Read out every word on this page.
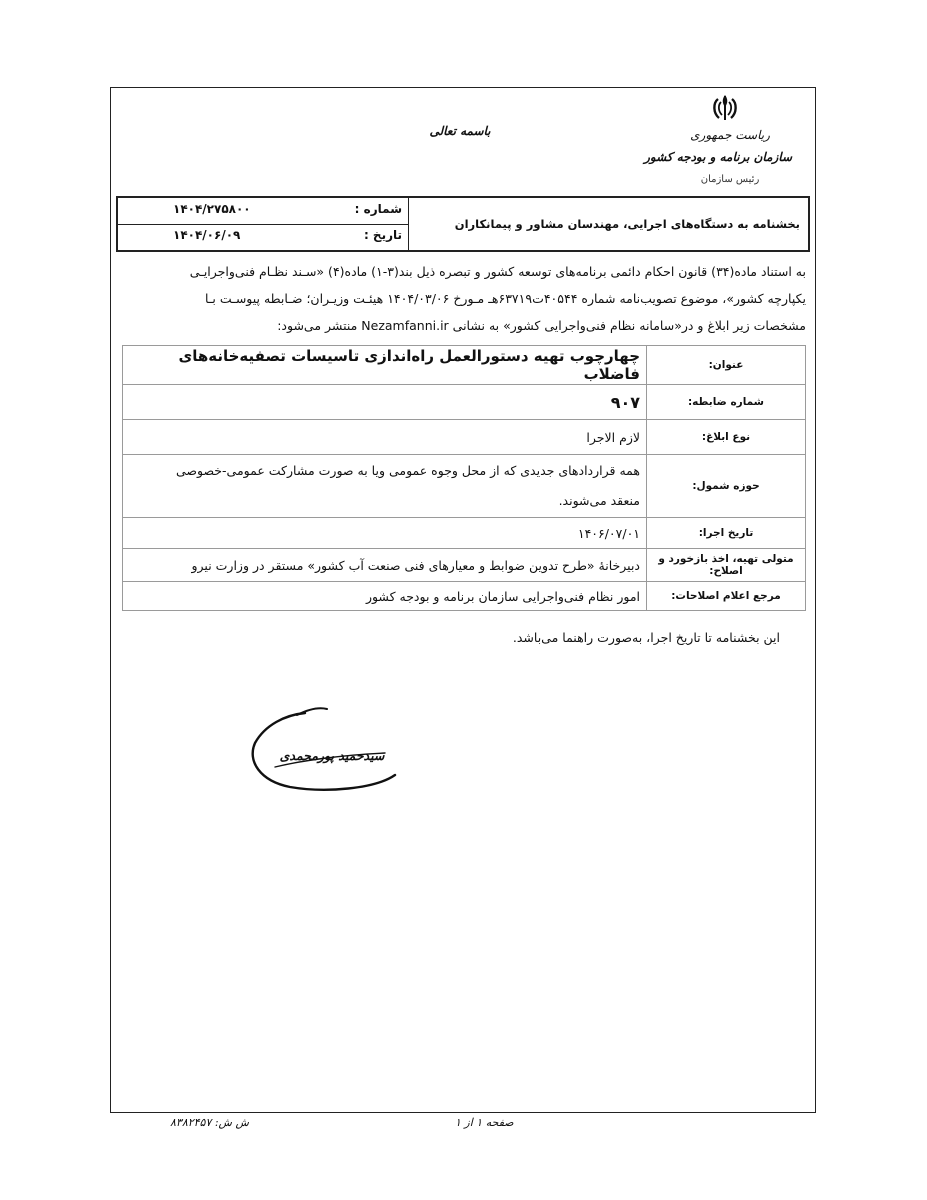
ریاست جمهوری
سازمان برنامه و بودجه کشور
رئیس سازمان
باسمه تعالی
۱۴۰۴/۲۷۵۸۰۰	شماره :
۱۴۰۴/۰۶/۰۹	تاریخ :
بخشنامه به دستگاه‌های اجرایی، مهندسان مشاور و پیمانکاران

به استناد ماده(۳۴) قانون احکام دائمی برنامه‌های توسعه کشور و تبصره ذیل بند(۳-۱) ماده(۴) «سـند نظـام فنی‌واجرایـی

یکپارچه کشور»، موضوع تصویب‌نامه شماره ۴۰۵۴۴ت۶۳۷۱۹هـ مـورخ ۱۴۰۴/۰۳/۰۶ هیئـت وزیـران؛ ضـابطه پیوسـت بـا

مشخصات زیر ابلاغ و در«سامانه نظام فنی‌واجرایی کشور» به نشانی Nezamfanni.ir منتشر می‌شود:

عنوان:	چهارچوب تهیه دستورالعمل راه‌اندازی تاسیسات تصفیه‌خانه‌های فاضلاب
شماره ضابطه:	۹۰۷
نوع ابلاغ:	لازم الاجرا
حوزه شمول:	همه قراردادهای جدیدی که از محل وجوه عمومی ویا به صورت مشارکت عمومی-خصوصی
منعقد می‌شوند.

تاریخ اجرا:	۱۴۰۶/۰۷/۰۱
متولی تهیه، اخذ بازخورد و اصلاح:	دبیرخانهٔ «طرح تدوین ضوابط و معیارهای فنی صنعت آب کشور» مستقر در وزارت نیرو
مرجع اعلام اصلاحات:	امور نظام فنی‌واجرایی سازمان برنامه و بودجه کشور
این بخشنامه تا تاریخ اجرا، به‌صورت راهنما می‌باشد.
سیدحمید پورمحمدی
صفحه ۱ از ۱
ش ش: ۸۳۸۲۴۵۷
